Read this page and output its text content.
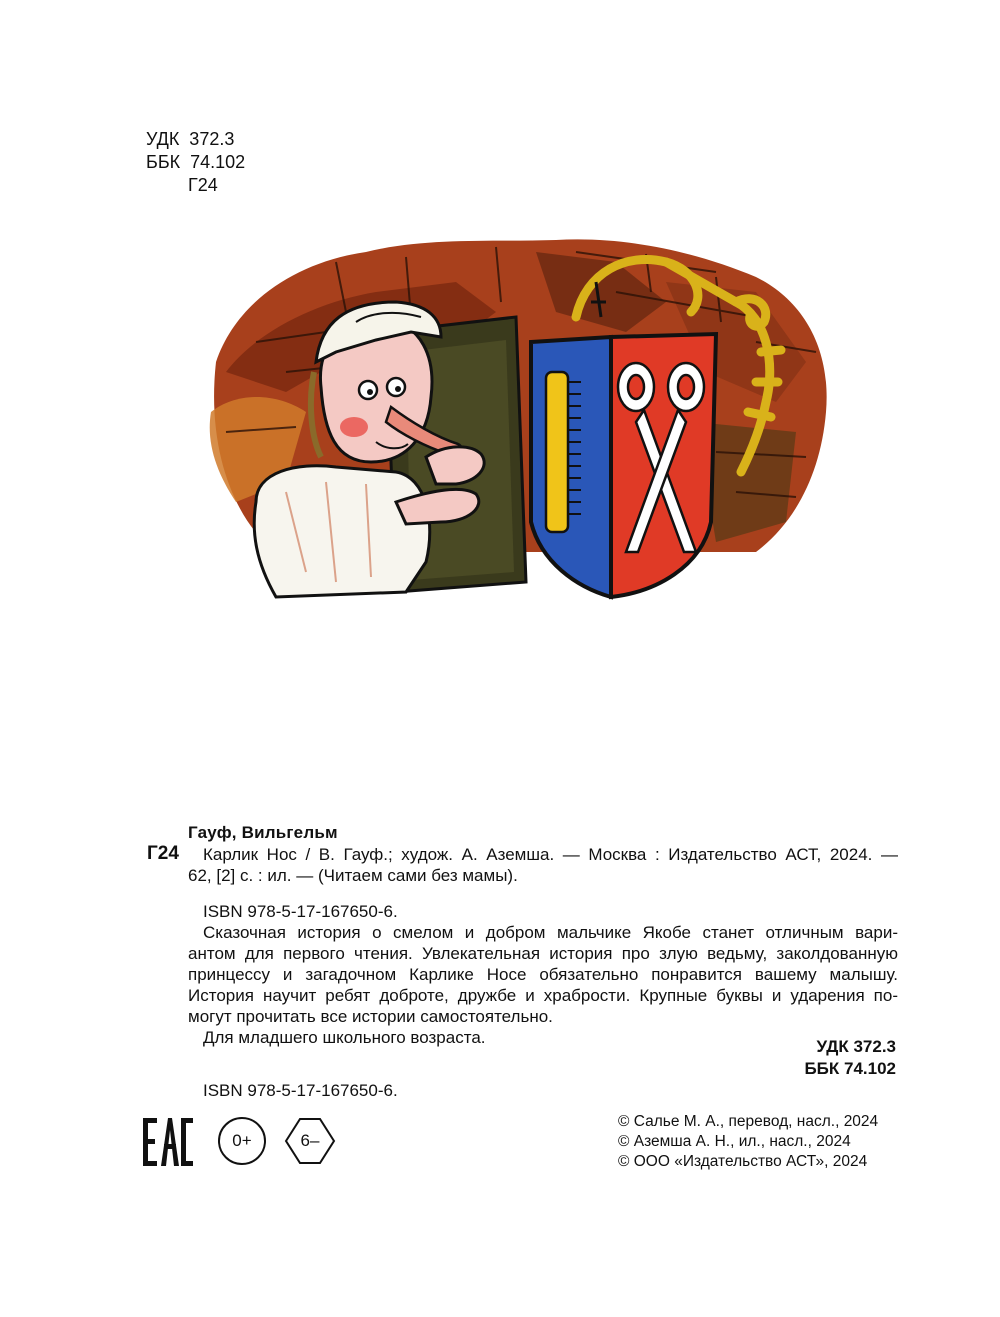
УДК  372.3
ББК  74.102
Г24
Гауф, Вильгельм
Г24 Карлик Нос / В. Гауф.; худож. А. Аземша. — Москва : Издательство АСТ, 2024. —
62, [2] с. : ил. — (Читаем сами без мамы).
ISBN 978-5-17-167650-6.
Сказочная история о смелом и добром мальчике Якобе станет отличным вари-
антом для первого чтения. Увлекательная история про злую ведьму, заколдованную
принцессу и загадочном Карлике Носе обязательно понравится вашему малышу.
История научит ребят доброте, дружбе и храбрости. Крупные буквы и ударения по-
могут прочитать все истории самостоятельно.
Для младшего школьного возраста.	УДК 372.3
ББК 74.102
ISBN 978-5-17-167650-6.
0+	6–
© Салье М. А., перевод, насл., 2024
© Аземша А. Н., ил., насл., 2024
© ООО «Издательство АСТ», 2024
